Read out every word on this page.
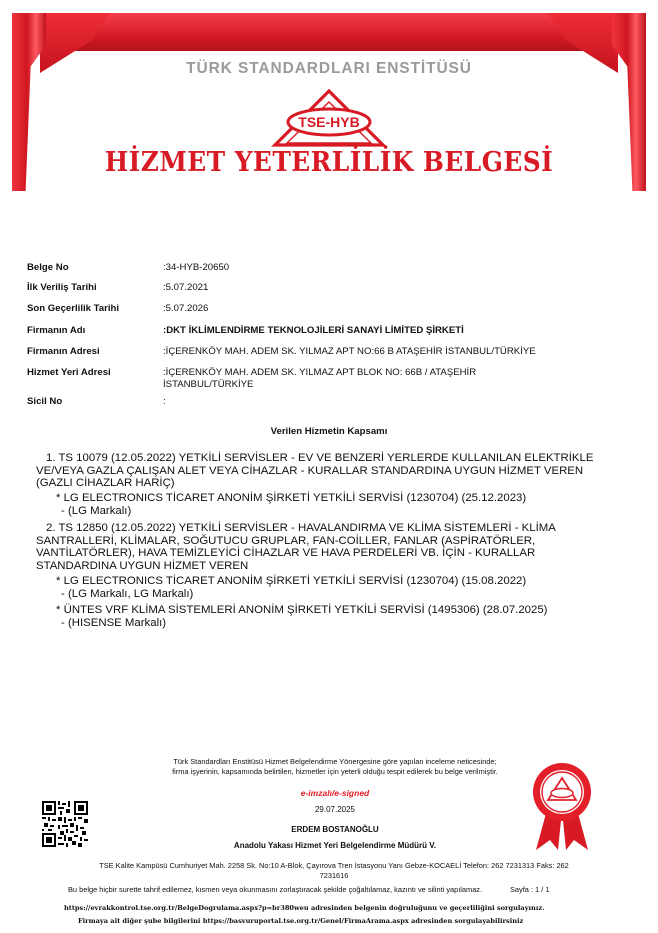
TÜRK STANDARDLARI ENSTİTÜSÜ
TSE-HYB
HİZMET YETERLİLİK BELGESİ
Belge No	:34-HYB-20650
İlk Veriliş Tarihi	:5.07.2021
Son Geçerlilik Tarihi	:5.07.2026
Firmanın Adı	:DKT İKLİMLENDİRME TEKNOLOJİLERİ SANAYİ LİMİTED ŞİRKETİ
Firmanın Adresi	:İÇERENKÖY MAH. ADEM SK. YILMAZ APT NO:66 B ATAŞEHİR İSTANBUL/TÜRKİYE
Hizmet Yeri Adresi	:İÇERENKÖY MAH. ADEM SK. YILMAZ APT BLOK NO: 66B / ATAŞEHİR
İSTANBUL/TÜRKİYE
Sicil No	:
Verilen Hizmetin Kapsamı
1. TS 10079 (12.05.2022) YETKİLİ SERVİSLER - EV VE BENZERİ YERLERDE KULLANILAN ELEKTRİKLE
VE/VEYA GAZLA ÇALIŞAN ALET VEYA CİHAZLAR - KURALLAR STANDARDINA UYGUN HİZMET VEREN
(GAZLI CİHAZLAR HARİÇ)
* LG ELECTRONICS TİCARET ANONİM ŞİRKETİ YETKİLİ SERVİSİ (1230704) (25.12.2023)
- (LG Markalı)
2. TS 12850 (12.05.2022) YETKİLİ SERVİSLER - HAVALANDIRMA VE KLİMA SİSTEMLERİ - KLİMA
SANTRALLERİ, KLİMALAR, SOĞUTUCU GRUPLAR, FAN-COİLLER, FANLAR (ASPİRATÖRLER,
VANTİLATÖRLER), HAVA TEMİZLEYİCİ CİHAZLAR VE HAVA PERDELERİ VB. İÇİN - KURALLAR
STANDARDINA UYGUN HİZMET VEREN
* LG ELECTRONICS TİCARET ANONİM ŞİRKETİ YETKİLİ SERVİSİ (1230704) (15.08.2022)
- (LG Markalı, LG Markalı)
* ÜNTES VRF KLİMA SİSTEMLERİ ANONİM ŞİRKETİ YETKİLİ SERVİSİ (1495306) (28.07.2025)
- (HISENSE Markalı)
Türk Standardları Enstitüsü Hizmet Belgelendirme Yönergesine göre yapılan inceleme neticesinde;
firma işyerinin, kapsamında belirtilen, hizmetler için yeterli olduğu tespit edilerek bu belge verilmiştir.
e-imzalı/e-signed
29.07.2025
ERDEM BOSTANOĞLU
Anadolu Yakası Hizmet Yeri Belgelendirme Müdürü V.
TSE Kalite Kampüsü Cumhuriyet Mah. 2258 Sk. No:10 A-Blok, Çayırova Tren İstasyonu Yanı Gebze-KOCAELİ Telefon: 262 7231313 Faks: 262
7231616
Bu belge hiçbir surette tahrif edilemez, kısmen veya okunmasını zorlaştıracak şekilde çoğaltılamaz, kazıntı ve silinti yapılamaz.	Sayfa : 1 / 1
https://evrakkontrol.tse.org.tr/BelgeDogrulama.aspx?p=br380weu adresinden belgenin doğruluğunu ve geçerliliğini sorgulayınız.
Firmaya ait diğer şube bilgilerini https://basvuruportal.tse.org.tr/Genel/FirmaArama.aspx adresinden sorgulayabilirsiniz
